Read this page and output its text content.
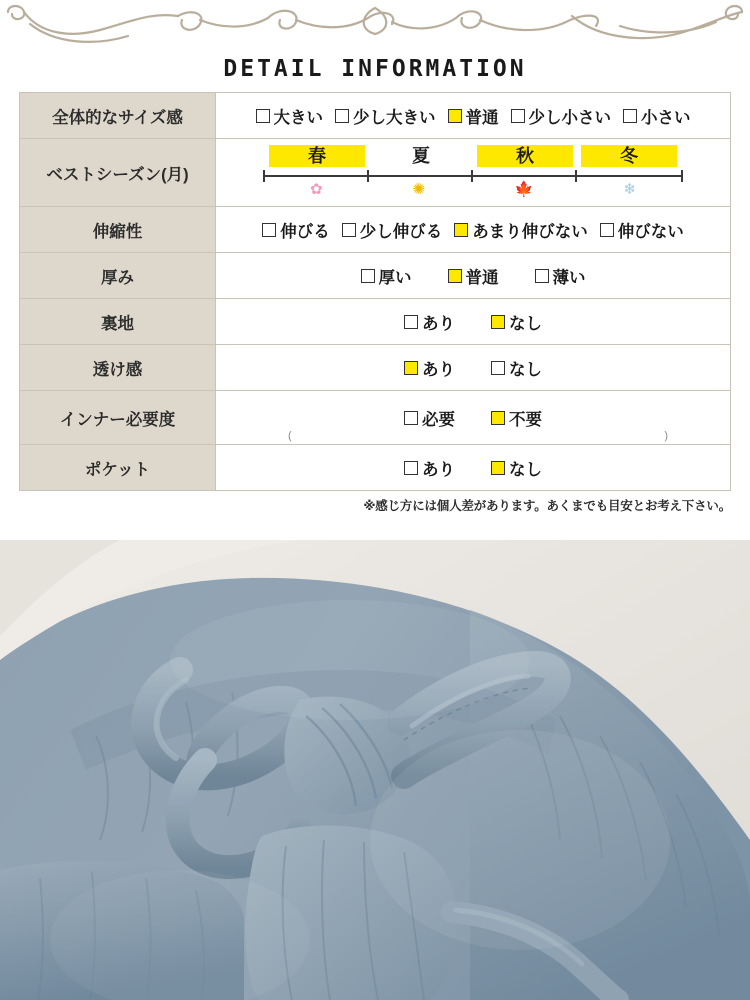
DETAIL INFORMATION
全体的なサイズ感	大きい 少し大きい 普通 少し小さい 小さい

ベストシーズン(月)	
春	夏	秋	冬
✿	✺	🍁	❄

伸縮性	伸びる 少し伸びる あまり伸びない 伸びない

厚み	厚い 普通 薄い

裏地	あり なし

透け感	あり なし

インナー必要度	必要 不要
( )

ポケット	あり なし
※感じ方には個人差があります。あくまでも目安とお考え下さい。
